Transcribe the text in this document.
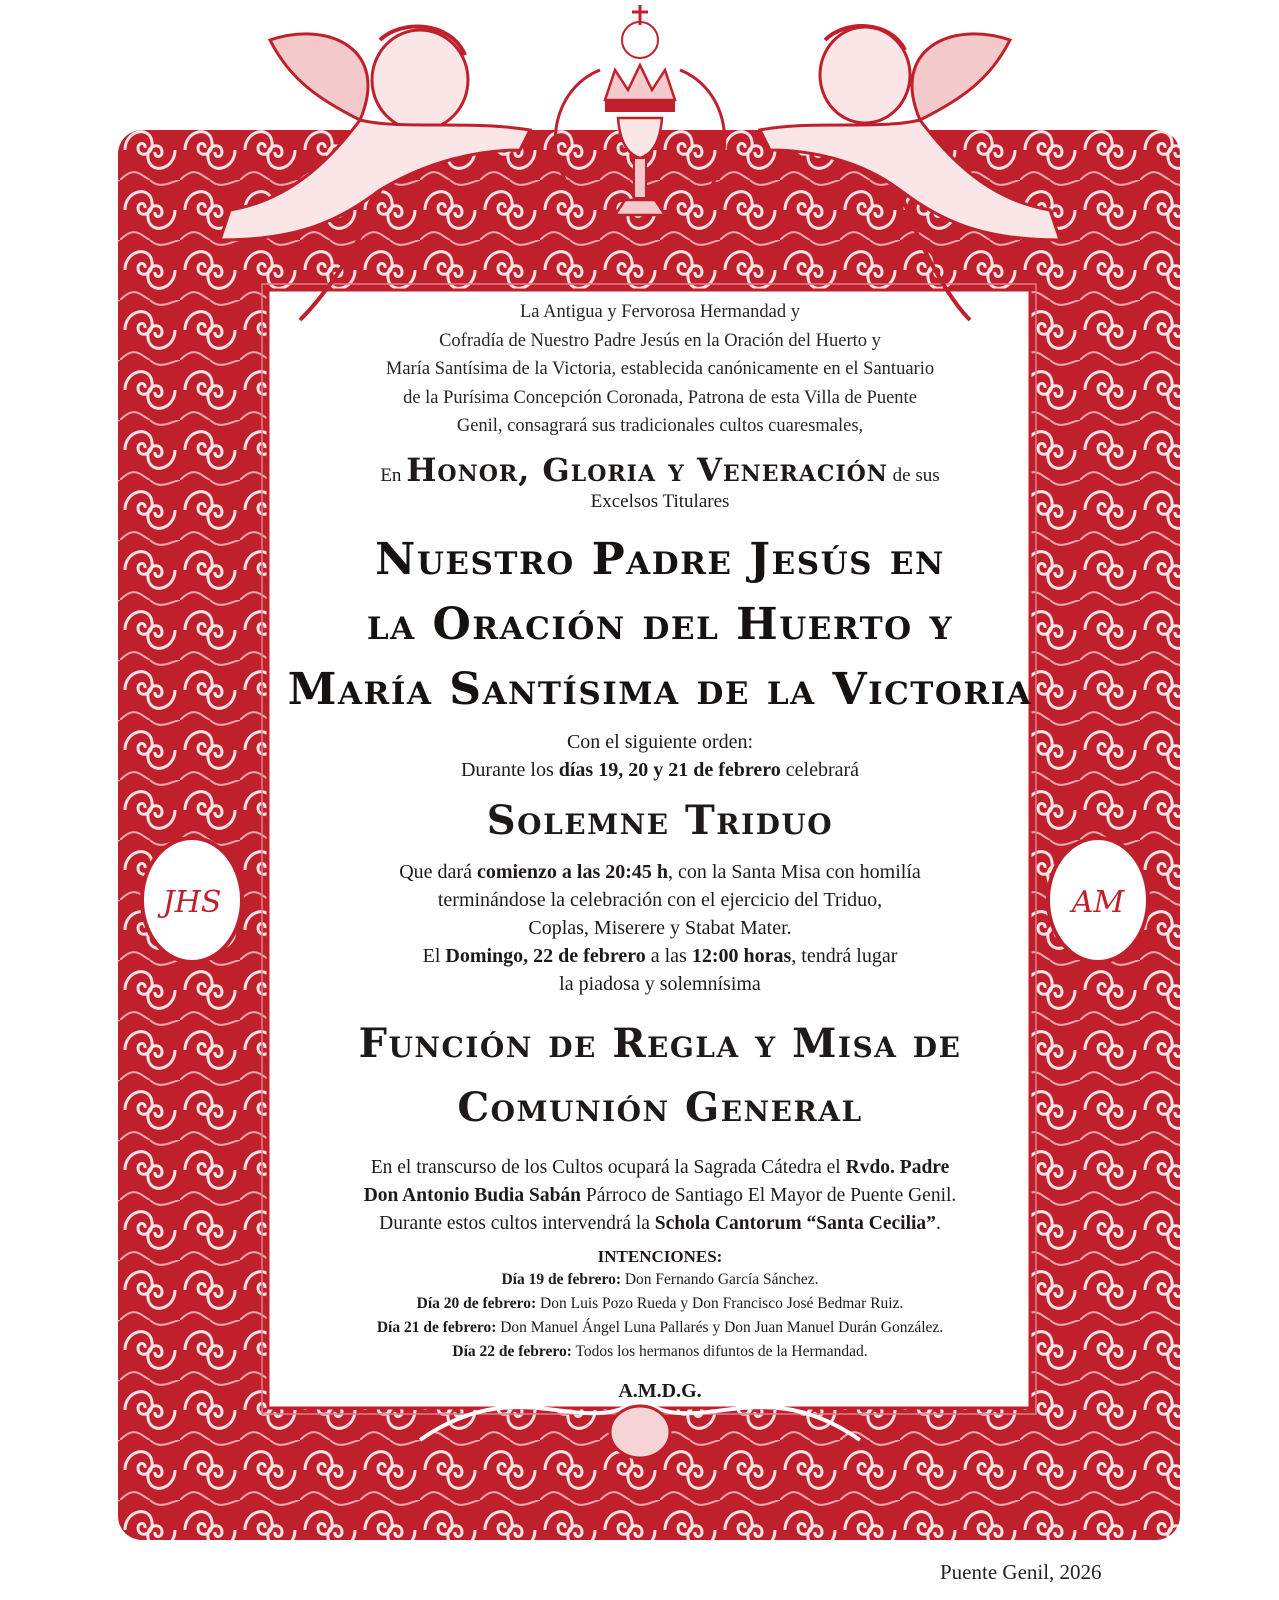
JHS	AM
La Antigua y Fervorosa Hermandad y
Cofradía de Nuestro Padre Jesús en la Oración del Huerto y
María Santísima de la Victoria, establecida canónicamente en el Santuario
de la Purísima Concepción Coronada, Patrona de esta Villa de Puente
Genil, consagrará sus tradicionales cultos cuaresmales,
En Honor, Gloria y Veneración de sus
Excelsos Titulares
Nuestro Padre Jesús en
la Oración del Huerto y
María Santísima de la Victoria
Con el siguiente orden:
Durante los días 19, 20 y 21 de febrero celebrará
Solemne Triduo
Que dará comienzo a las 20:45 h, con la Santa Misa con homilía
terminándose la celebración con el ejercicio del Triduo,
Coplas, Miserere y Stabat Mater.
El Domingo, 22 de febrero a las 12:00 horas, tendrá lugar
la piadosa y solemnísima
Función de Regla y Misa de
Comunión General
En el transcurso de los Cultos ocupará la Sagrada Cátedra el Rvdo. Padre
Don Antonio Budia Sabán Párroco de Santiago El Mayor de Puente Genil.
Durante estos cultos intervendrá la Schola Cantorum “Santa Cecilia”.
INTENCIONES:
Día 19 de febrero: Don Fernando García Sánchez.
Día 20 de febrero: Don Luis Pozo Rueda y Don Francisco José Bedmar Ruiz.
Día 21 de febrero: Don Manuel Ángel Luna Pallarés y Don Juan Manuel Durán González.
Día 22 de febrero: Todos los hermanos difuntos de la Hermandad.
A.M.D.G.
Puente Genil, 2026
